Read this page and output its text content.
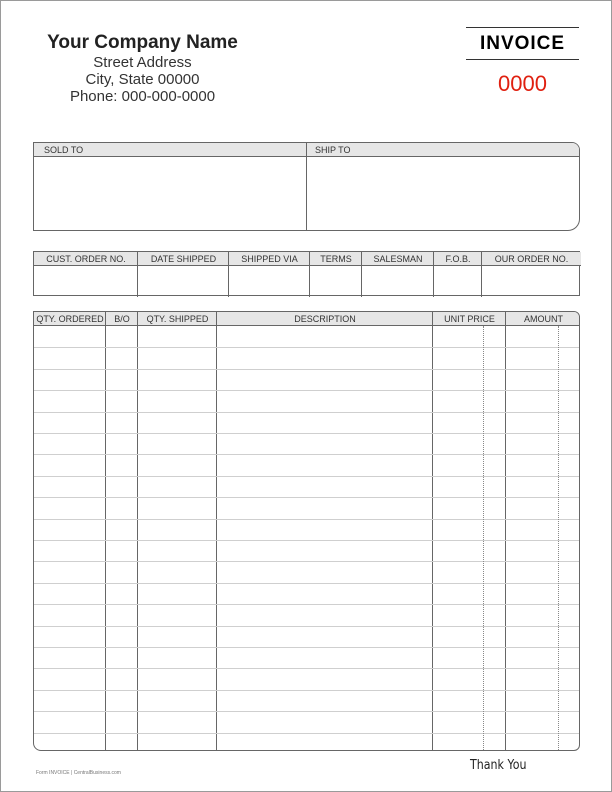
Your Company Name
Street Address
City, State 00000
Phone: 000-000-0000
INVOICE
0000
SOLD TO	SHIP TO
CUST. ORDER NO.	DATE SHIPPED	SHIPPED VIA	TERMS	SALESMAN	F.O.B.	OUR ORDER NO.
QTY. ORDERED	B/O	QTY. SHIPPED	DESCRIPTION	UNIT PRICE	AMOUNT
Thank You
Form INVOICE | CentralBusiness.com
